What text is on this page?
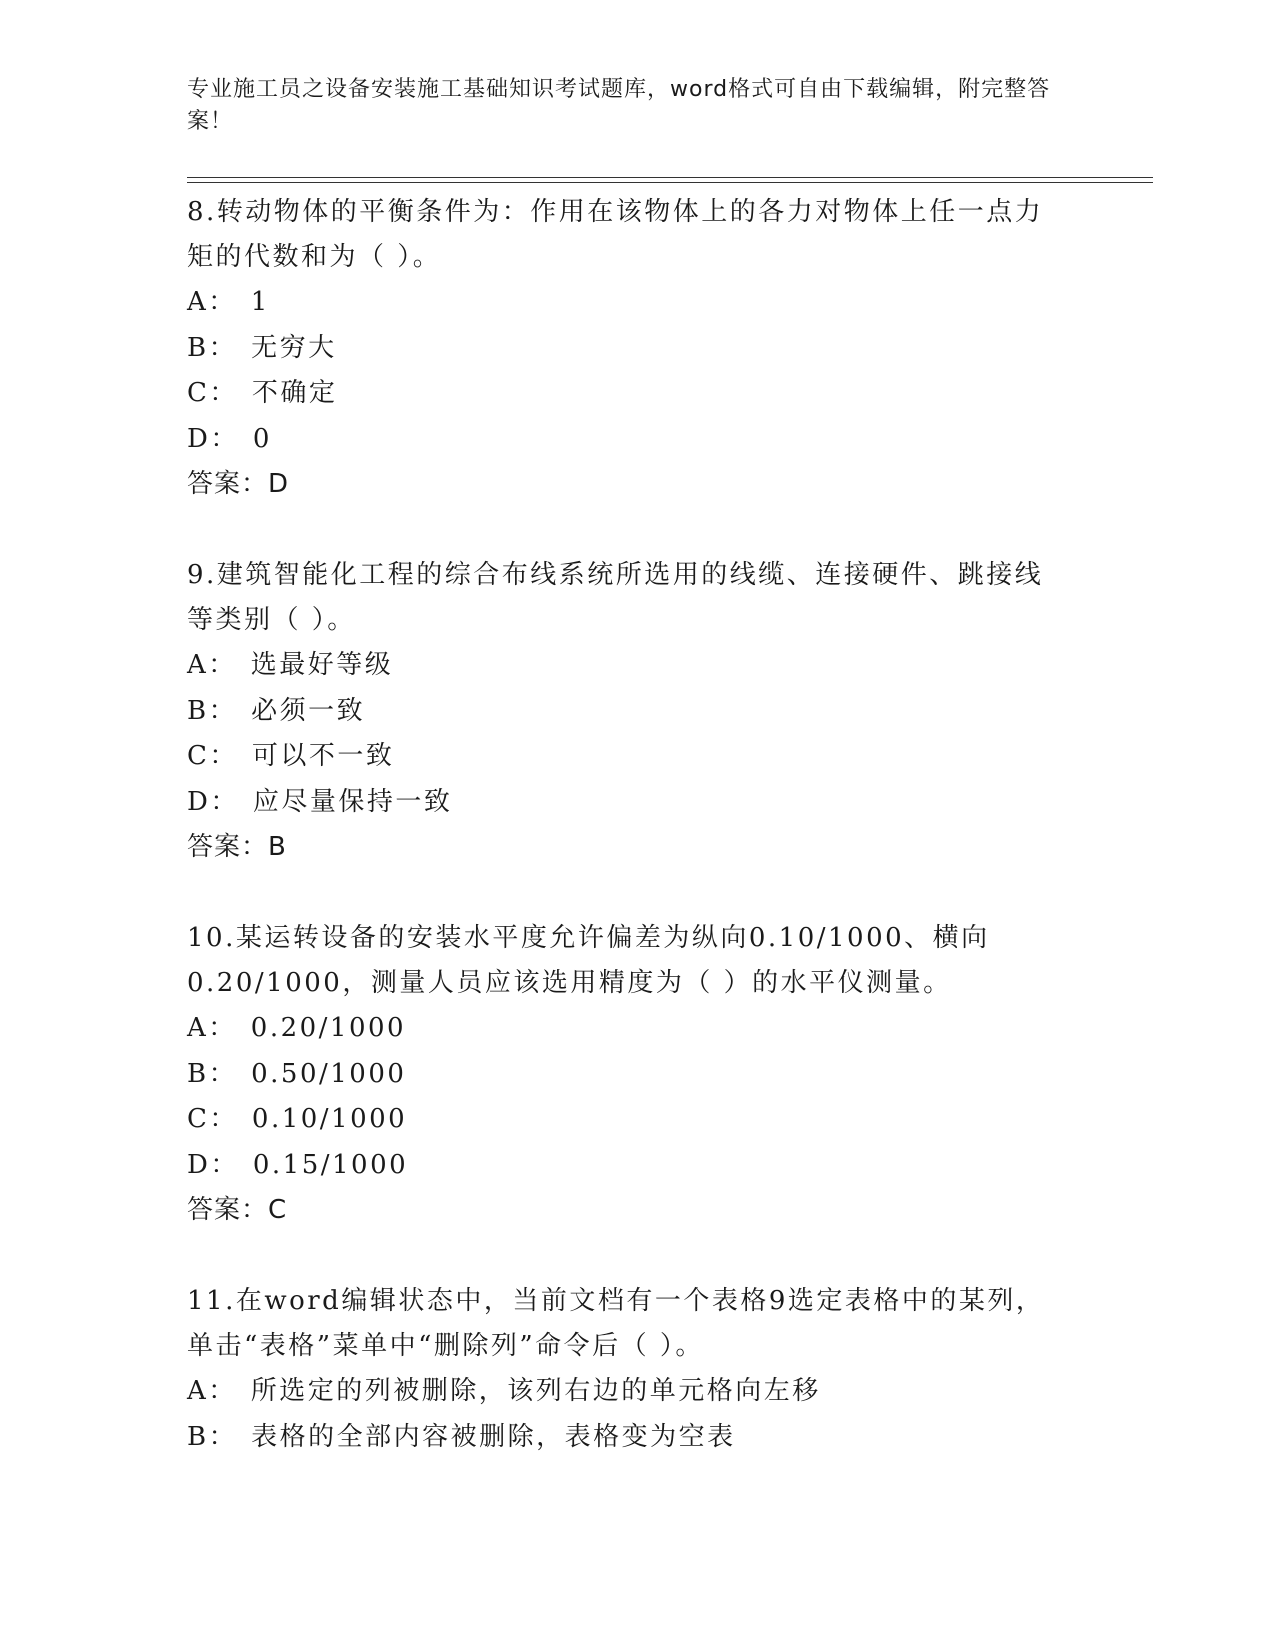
专业施工员之设备安装施工基础知识考试题库，word格式可自由下载编辑，附完整答案！

8.转动物体的平衡条件为：作用在该物体上的各力对物体上任一点力矩的代数和为（ ）。

A： 1

B： 无穷大

C： 不确定

D： 0

答案：D

9.建筑智能化工程的综合布线系统所选用的线缆、连接硬件、跳接线等类别（ ）。

A： 选最好等级

B： 必须一致

C： 可以不一致

D： 应尽量保持一致

答案：B

10.某运转设备的安装水平度允许偏差为纵向0.10/1000、横向0.20/1000，测量人员应该选用精度为（ ）的水平仪测量。

A： 0.20/1000

B： 0.50/1000

C： 0.10/1000

D： 0.15/1000

答案：C

11.在word编辑状态中，当前文档有一个表格9选定表格中的某列，单击“表格”菜单中“删除列”命令后（ ）。

A： 所选定的列被删除，该列右边的单元格向左移

B： 表格的全部内容被删除，表格变为空表
